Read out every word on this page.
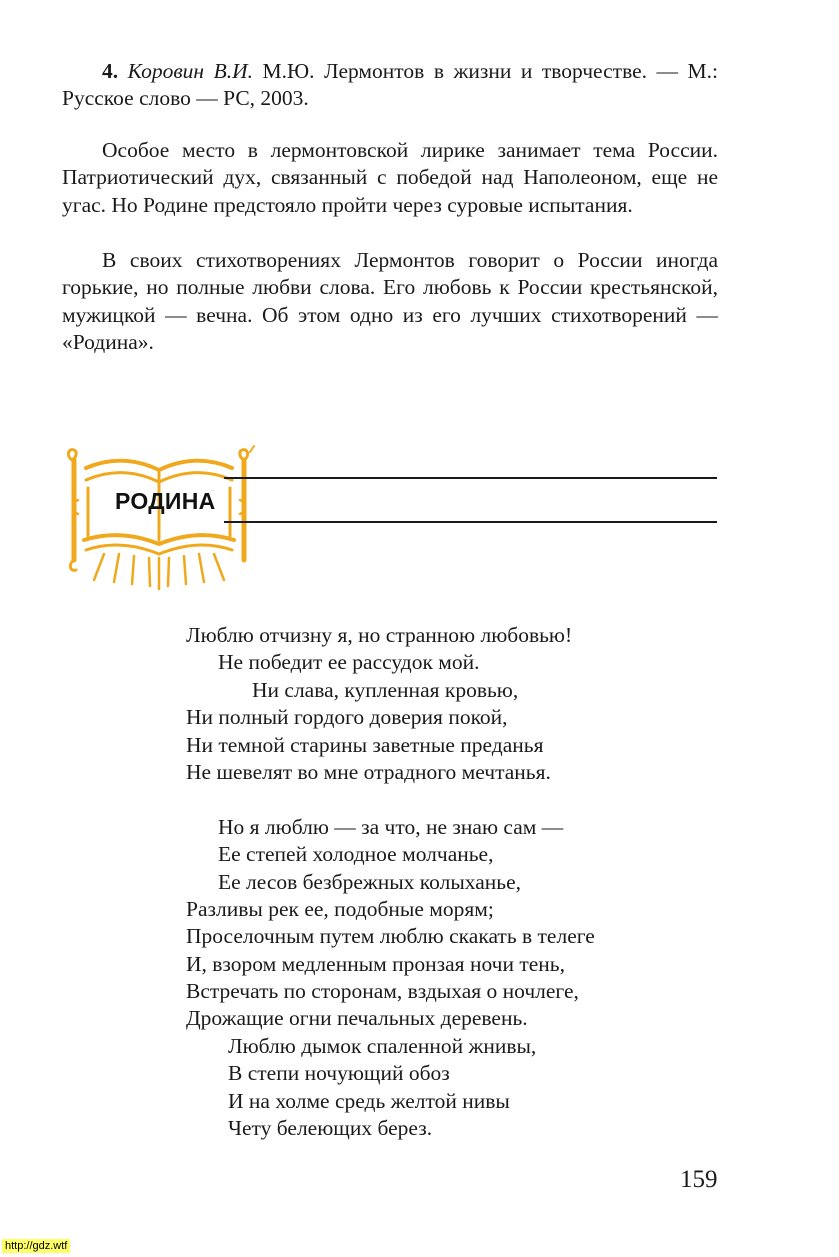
4. Коровин В.И. М.Ю. Лермонтов в жизни и творчестве. — М.: Русское слово — РС, 2003.
Особое место в лермонтовской лирике занимает тема России. Патриотический дух, связанный с победой над Наполеоном, еще не угас. Но Родине предстояло пройти через суровые испытания.
В своих стихотворениях Лермонтов говорит о России иногда горькие, но полные любви слова. Его любовь к России крестьянской, мужицкой — вечна. Об этом одно из его лучших стихотворений — «Родина».
РОДИНА
Люблю отчизну я, но странною любовью!
Не победит ее рассудок мой.
Ни слава, купленная кровью,
Ни полный гордого доверия покой,
Ни темной старины заветные преданья
Не шевелят во мне отрадного мечтанья.
Но я люблю — за что, не знаю сам —
Ее степей холодное молчанье,
Ее лесов безбрежных колыханье,
Разливы рек ее, подобные морям;
Проселочным путем люблю скакать в телеге
И, взором медленным пронзая ночи тень,
Встречать по сторонам, вздыхая о ночлеге,
Дрожащие огни печальных деревень.
Люблю дымок спаленной жнивы,
В степи ночующий обоз
И на холме средь желтой нивы
Чету белеющих берез.
159
http://gdz.wtf
